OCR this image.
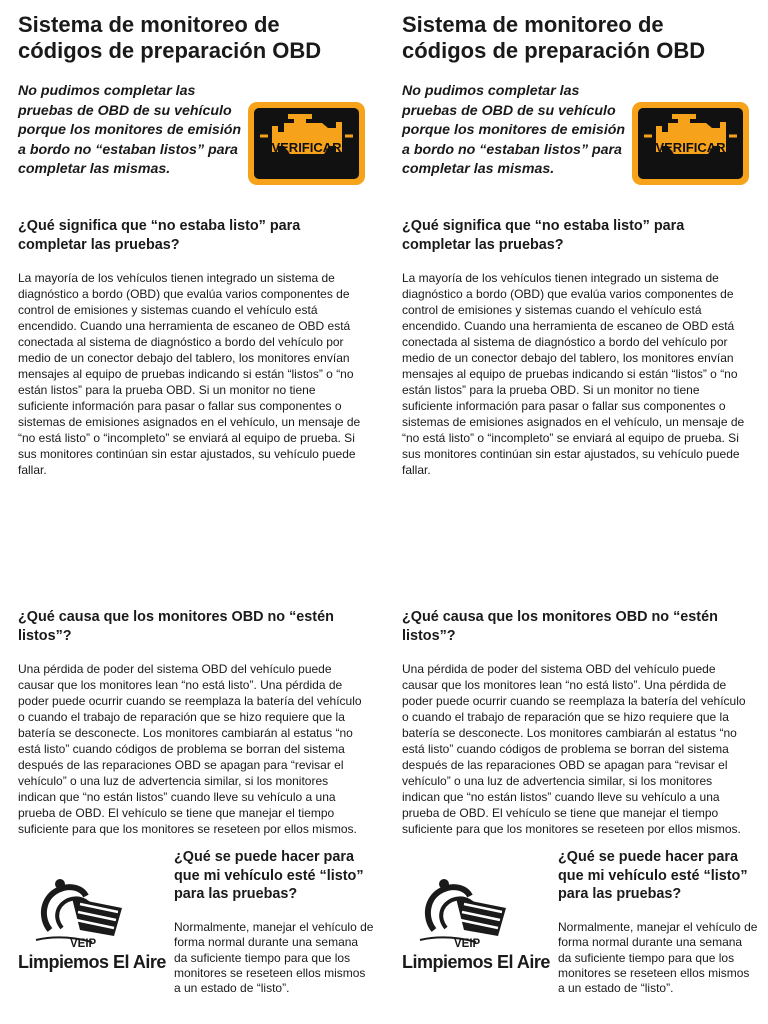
Sistema de monitoreo de códigos de preparación OBD
No pudimos completar las pruebas de OBD de su vehículo porque los monitores de emisión a bordo no “estaban listos” para completar las mismas.
VERIFICAR
¿Qué significa que “no estaba listo” para completar las pruebas?
La mayoría de los vehículos tienen integrado un sistema de diagnóstico a bordo (OBD) que evalúa varios componentes de control de emisiones y sistemas cuando el vehículo está encendido. Cuando una herramienta de escaneo de OBD está conectada al sistema de diagnóstico a bordo del vehículo por medio de un conector debajo del tablero, los monitores envían mensajes al equipo de pruebas indicando si están “listos” o “no están listos” para la prueba OBD. Si un monitor no tiene suficiente información para pasar o fallar sus componentes o sistemas de emisiones asignados en el vehículo, un mensaje de “no está listo” o “incompleto” se enviará al equipo de prueba. Si sus monitores continúan sin estar ajustados, su vehículo puede fallar.
¿Qué causa que los monitores OBD no “estén listos”?
Una pérdida de poder del sistema OBD del vehículo puede causar que los monitores lean “no está listo”. Una pérdida de poder puede ocurrir cuando se reemplaza la batería del vehículo o cuando el trabajo de reparación que se hizo requiere que la batería se desconecte. Los monitores cambiarán al estatus “no está listo” cuando códigos de problema se borran del sistema después de las reparaciones OBD se apagan para “revisar el vehículo” o una luz de advertencia similar, si los monitores indican que “no están listos” cuando lleve su vehículo a una prueba de OBD. El vehículo se tiene que manejar el tiempo suficiente para que los monitores se reseteen por ellos mismos.
VEIP
Limpiemos El Aire
¿Qué se puede hacer para que mi vehículo esté “listo” para las pruebas?
Normalmente, manejar el vehículo de forma normal durante una semana da suficiente tiempo para que los monitores se reseteen ellos mismos a un estado de “listo”.
Sistema de monitoreo de códigos de preparación OBD
No pudimos completar las pruebas de OBD de su vehículo porque los monitores de emisión a bordo no “estaban listos” para completar las mismas.
VERIFICAR
¿Qué significa que “no estaba listo” para completar las pruebas?
La mayoría de los vehículos tienen integrado un sistema de diagnóstico a bordo (OBD) que evalúa varios componentes de control de emisiones y sistemas cuando el vehículo está encendido. Cuando una herramienta de escaneo de OBD está conectada al sistema de diagnóstico a bordo del vehículo por medio de un conector debajo del tablero, los monitores envían mensajes al equipo de pruebas indicando si están “listos” o “no están listos” para la prueba OBD. Si un monitor no tiene suficiente información para pasar o fallar sus componentes o sistemas de emisiones asignados en el vehículo, un mensaje de “no está listo” o “incompleto” se enviará al equipo de prueba. Si sus monitores continúan sin estar ajustados, su vehículo puede fallar.
¿Qué causa que los monitores OBD no “estén listos”?
Una pérdida de poder del sistema OBD del vehículo puede causar que los monitores lean “no está listo”. Una pérdida de poder puede ocurrir cuando se reemplaza la batería del vehículo o cuando el trabajo de reparación que se hizo requiere que la batería se desconecte. Los monitores cambiarán al estatus “no está listo” cuando códigos de problema se borran del sistema después de las reparaciones OBD se apagan para “revisar el vehículo” o una luz de advertencia similar, si los monitores indican que “no están listos” cuando lleve su vehículo a una prueba de OBD. El vehículo se tiene que manejar el tiempo suficiente para que los monitores se reseteen por ellos mismos.
VEIP
Limpiemos El Aire
¿Qué se puede hacer para que mi vehículo esté “listo” para las pruebas?
Normalmente, manejar el vehículo de forma normal durante una semana da suficiente tiempo para que los monitores se reseteen ellos mismos a un estado de “listo”.
